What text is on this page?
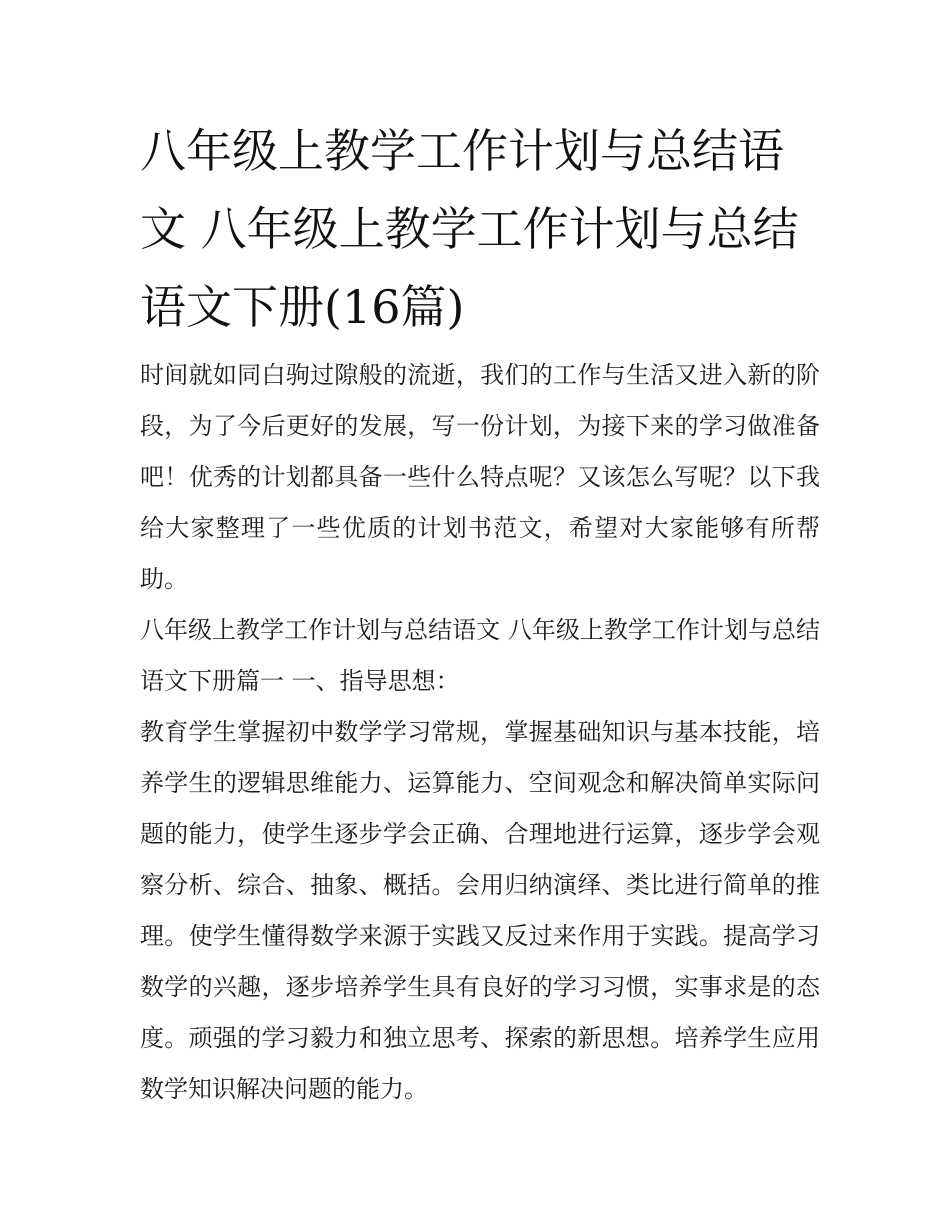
八年级上教学工作计划与总结语文 八年级上教学工作计划与总结语文下册(16篇)

时间就如同白驹过隙般的流逝，我们的工作与生活又进入新的阶段，为了今后更好的发展，写一份计划，为接下来的学习做准备吧！优秀的计划都具备一些什么特点呢？又该怎么写呢？以下我给大家整理了一些优质的计划书范文，希望对大家能够有所帮助。

八年级上教学工作计划与总结语文 八年级上教学工作计划与总结语文下册篇一 一、指导思想：

教育学生掌握初中数学学习常规，掌握基础知识与基本技能，培养学生的逻辑思维能力、运算能力、空间观念和解决简单实际问题的能力，使学生逐步学会正确、合理地进行运算，逐步学会观察分析、综合、抽象、概括。会用归纳演绎、类比进行简单的推理。使学生懂得数学来源于实践又反过来作用于实践。提高学习数学的兴趣，逐步培养学生具有良好的学习习惯，实事求是的态度。顽强的学习毅力和独立思考、探索的新思想。培养学生应用数学知识解决问题的能力。
